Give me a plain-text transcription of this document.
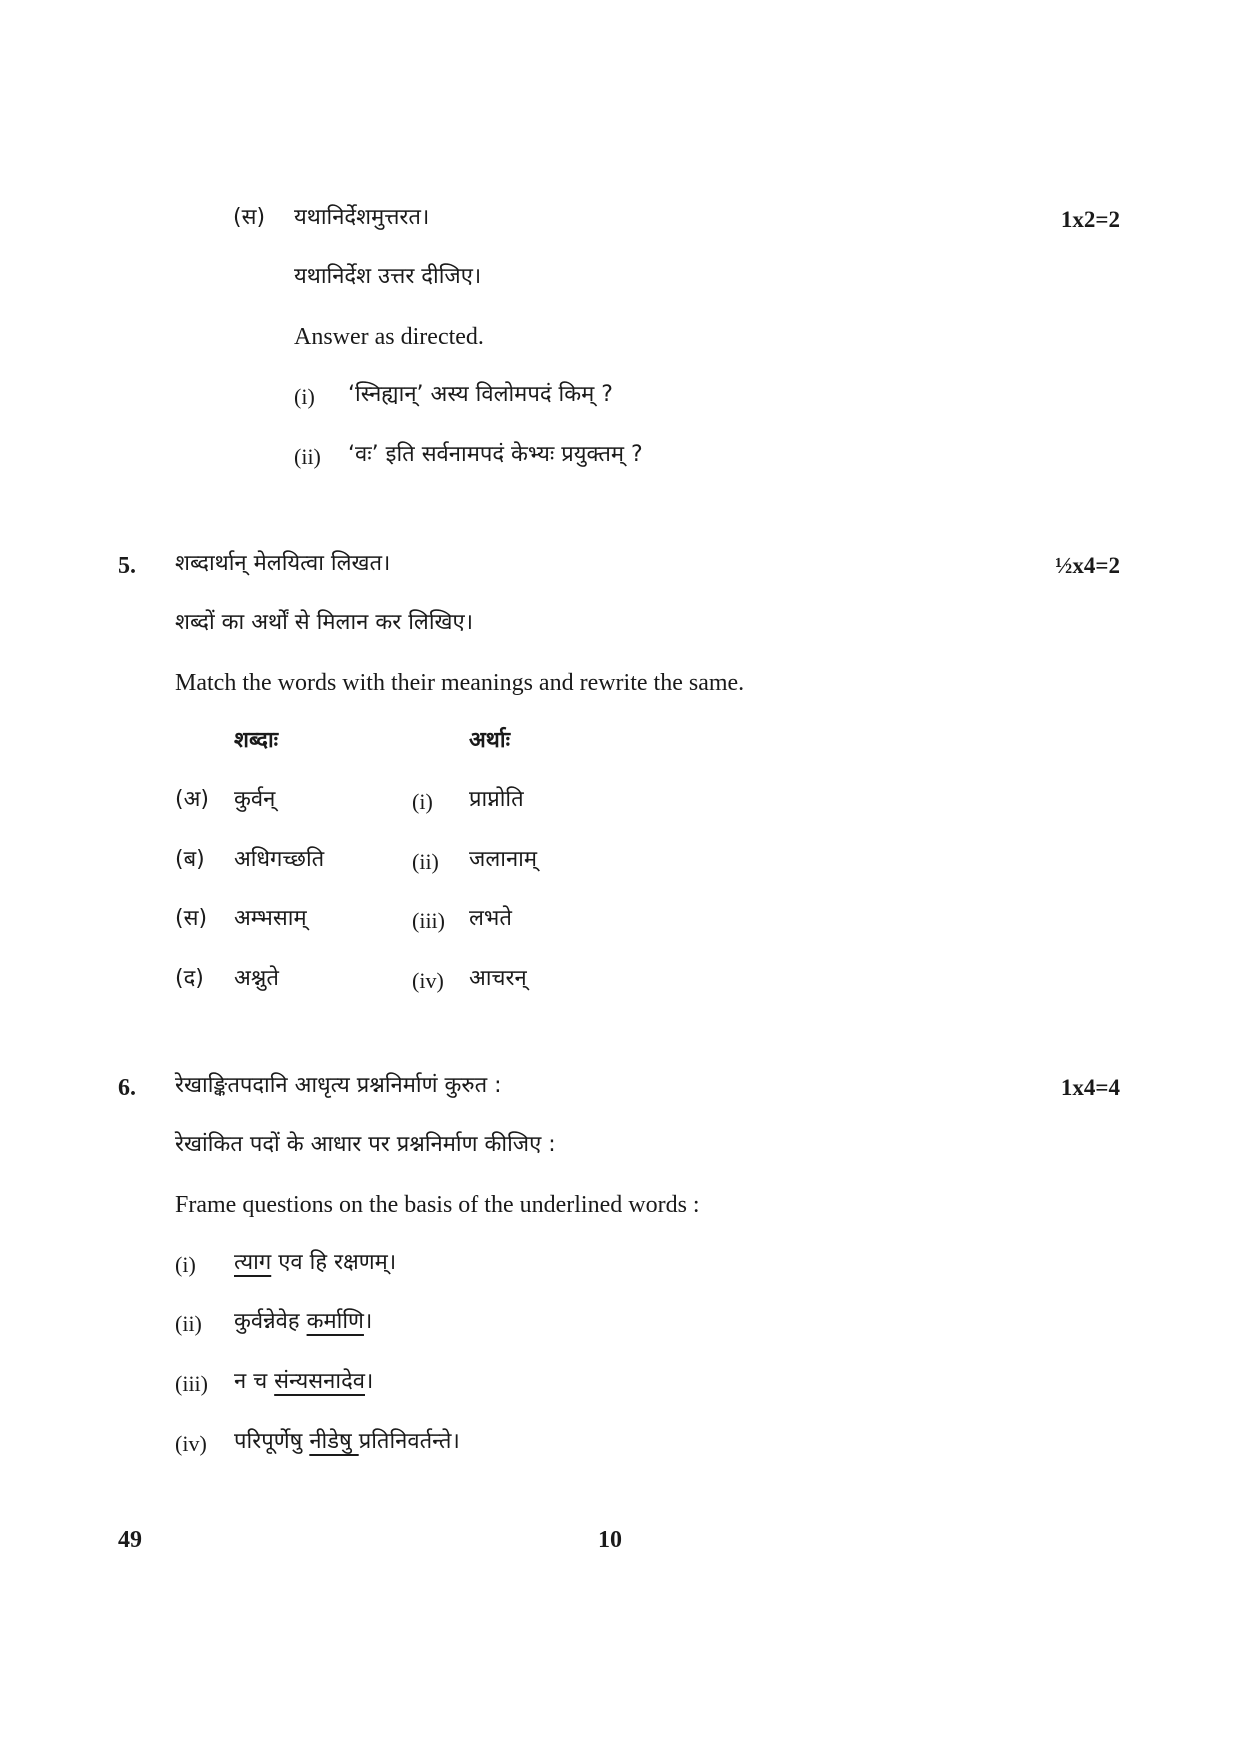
(स) यथानिर्देशमुत्तरत।	1x2=2
यथानिर्देश उत्तर दीजिए।
Answer as directed.
(i) ‘स्निह्यान्’ अस्य विलोमपदं किम् ?
(ii) ‘वः’ इति सर्वनामपदं केभ्यः प्रयुक्तम् ?
5. शब्दार्थान् मेलयित्वा लिखत।	½x4=2
शब्दों का अर्थों से मिलान कर लिखिए।
Match the words with their meanings and rewrite the same.
शब्दाः	अर्थाः
(अ) कुर्वन्	(i) प्राप्नोति
(ब) अधिगच्छति	(ii) जलानाम्
(स) अम्भसाम्	(iii) लभते
(द) अश्नुते	(iv) आचरन्
6. रेखाङ्कितपदानि आधृत्य प्रश्ननिर्माणं कुरुत :	1x4=4
रेखांकित पदों के आधार पर प्रश्ननिर्माण कीजिए :
Frame questions on the basis of the underlined words :
(i) त्याग एव हि रक्षणम्।
(ii) कुर्वन्नेवेह कर्माणि।
(iii) न च संन्यसनादेव।
(iv) परिपूर्णेषु नीडेषु प्रतिनिवर्तन्ते।
49	10
